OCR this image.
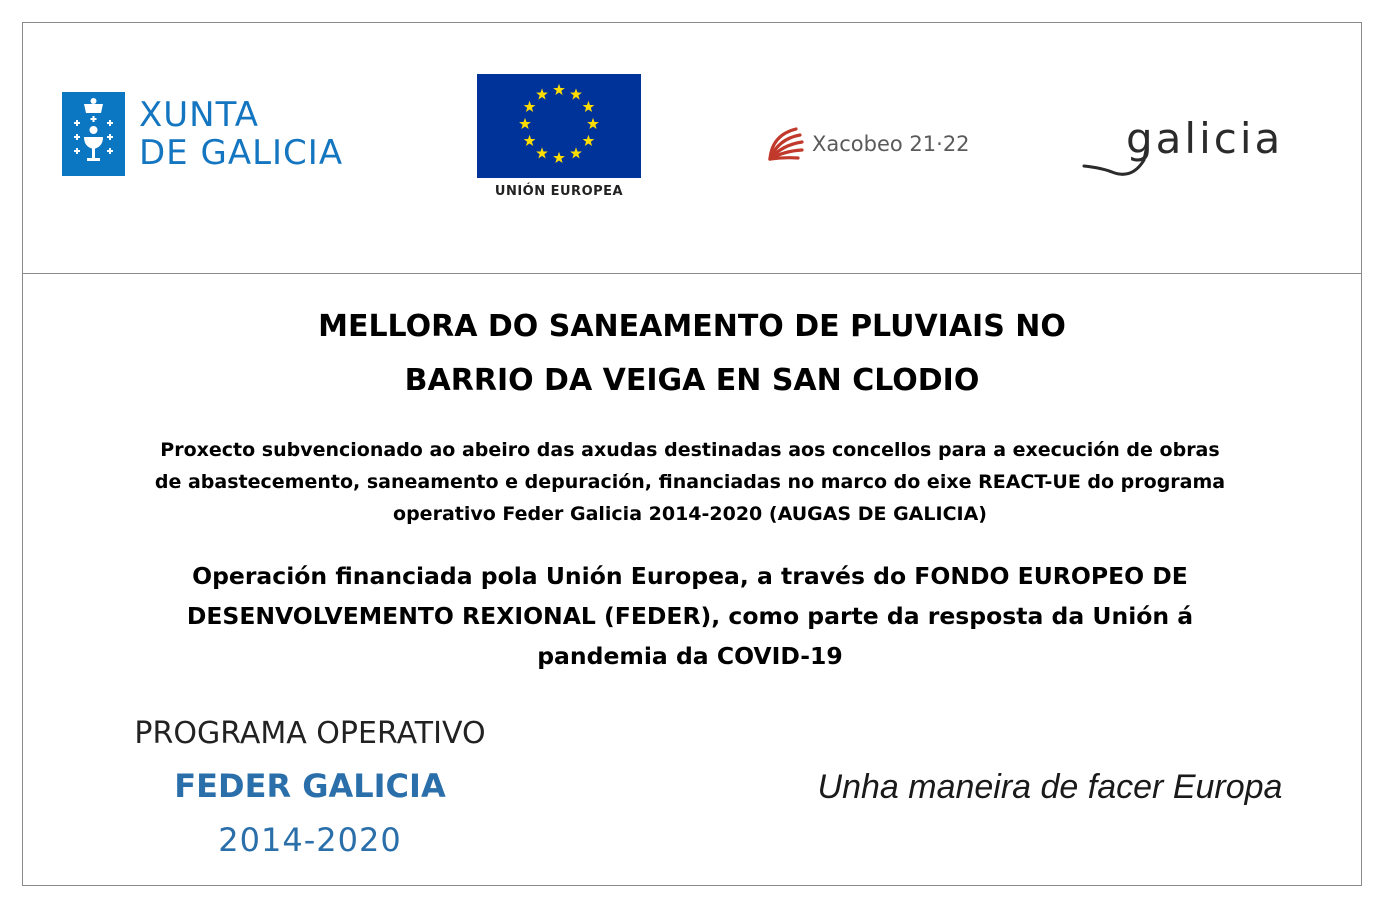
XUNTA
DE GALICIA
UNIÓN EUROPEA
Xacobeo 21·22	galicia
MELLORA DO SANEAMENTO DE PLUVIAIS NO
BARRIO DA VEIGA EN SAN CLODIO
Proxecto subvencionado ao abeiro das axudas destinadas aos concellos para a execución de obras
de abastecemento, saneamento e depuración, financiadas no marco do eixe REACT-UE do programa
operativo Feder Galicia 2014-2020 (AUGAS DE GALICIA)
Operación financiada pola Unión Europea, a través do FONDO EUROPEO DE
DESENVOLVEMENTO REXIONAL (FEDER), como parte da resposta da Unión á
pandemia da COVID-19
PROGRAMA OPERATIVO
FEDER GALICIA
2014-2020
Unha maneira de facer Europa
